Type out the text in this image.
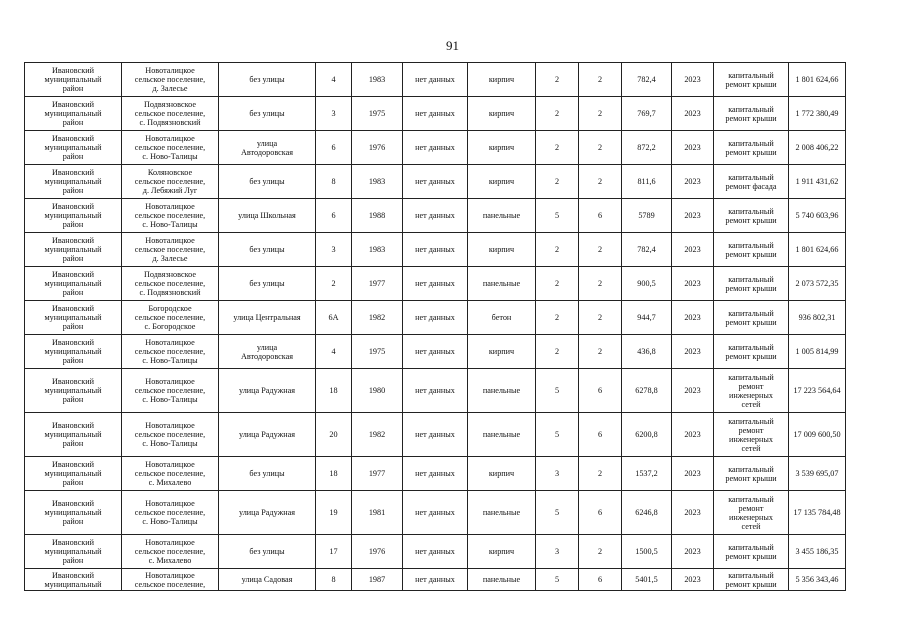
91
Ивановский
муниципальный
район	Новоталицкое
сельское поселение,
д. Залесье	без улицы	4	1983	нет данных	кирпич	2	2	782,4	2023	капитальный
ремонт крыши	1 801 624,66
Ивановский
муниципальный
район	Подвязновское
сельское поселение,
с. Подвязновский	без улицы	3	1975	нет данных	кирпич	2	2	769,7	2023	капитальный
ремонт крыши	1 772 380,49
Ивановский
муниципальный
район	Новоталицкое
сельское поселение,
с. Ново-Талицы	улица
Автодоровская	6	1976	нет данных	кирпич	2	2	872,2	2023	капитальный
ремонт крыши	2 008 406,22
Ивановский
муниципальный
район	Коляновское
сельское поселение,
д. Лебяжий Луг	без улицы	8	1983	нет данных	кирпич	2	2	811,6	2023	капитальный
ремонт фасада	1 911 431,62
Ивановский
муниципальный
район	Новоталицкое
сельское поселение,
с. Ново-Талицы	улица Школьная	6	1988	нет данных	панельные	5	6	5789	2023	капитальный
ремонт крыши	5 740 603,96
Ивановский
муниципальный
район	Новоталицкое
сельское поселение,
д. Залесье	без улицы	3	1983	нет данных	кирпич	2	2	782,4	2023	капитальный
ремонт крыши	1 801 624,66
Ивановский
муниципальный
район	Подвязновское
сельское поселение,
с. Подвязновский	без улицы	2	1977	нет данных	панельные	2	2	900,5	2023	капитальный
ремонт крыши	2 073 572,35
Ивановский
муниципальный
район	Богородское
сельское поселение,
с. Богородское	улица Центральная	6А	1982	нет данных	бетон	2	2	944,7	2023	капитальный
ремонт крыши	936 802,31
Ивановский
муниципальный
район	Новоталицкое
сельское поселение,
с. Ново-Талицы	улица
Автодоровская	4	1975	нет данных	кирпич	2	2	436,8	2023	капитальный
ремонт крыши	1 005 814,99
Ивановский
муниципальный
район	Новоталицкое
сельское поселение,
с. Ново-Талицы	улица Радужная	18	1980	нет данных	панельные	5	6	6278,8	2023	капитальный
ремонт
инженерных
сетей	17 223 564,64
Ивановский
муниципальный
район	Новоталицкое
сельское поселение,
с. Ново-Талицы	улица Радужная	20	1982	нет данных	панельные	5	6	6200,8	2023	капитальный
ремонт
инженерных
сетей	17 009 600,50
Ивановский
муниципальный
район	Новоталицкое
сельское поселение,
с. Михалево	без улицы	18	1977	нет данных	кирпич	3	2	1537,2	2023	капитальный
ремонт крыши	3 539 695,07
Ивановский
муниципальный
район	Новоталицкое
сельское поселение,
с. Ново-Талицы	улица Радужная	19	1981	нет данных	панельные	5	6	6246,8	2023	капитальный
ремонт
инженерных
сетей	17 135 784,48
Ивановский
муниципальный
район	Новоталицкое
сельское поселение,
с. Михалево	без улицы	17	1976	нет данных	кирпич	3	2	1500,5	2023	капитальный
ремонт крыши	3 455 186,35
Ивановский
муниципальный	Новоталицкое
сельское поселение,	улица Садовая	8	1987	нет данных	панельные	5	6	5401,5	2023	капитальный
ремонт крыши	5 356 343,46
